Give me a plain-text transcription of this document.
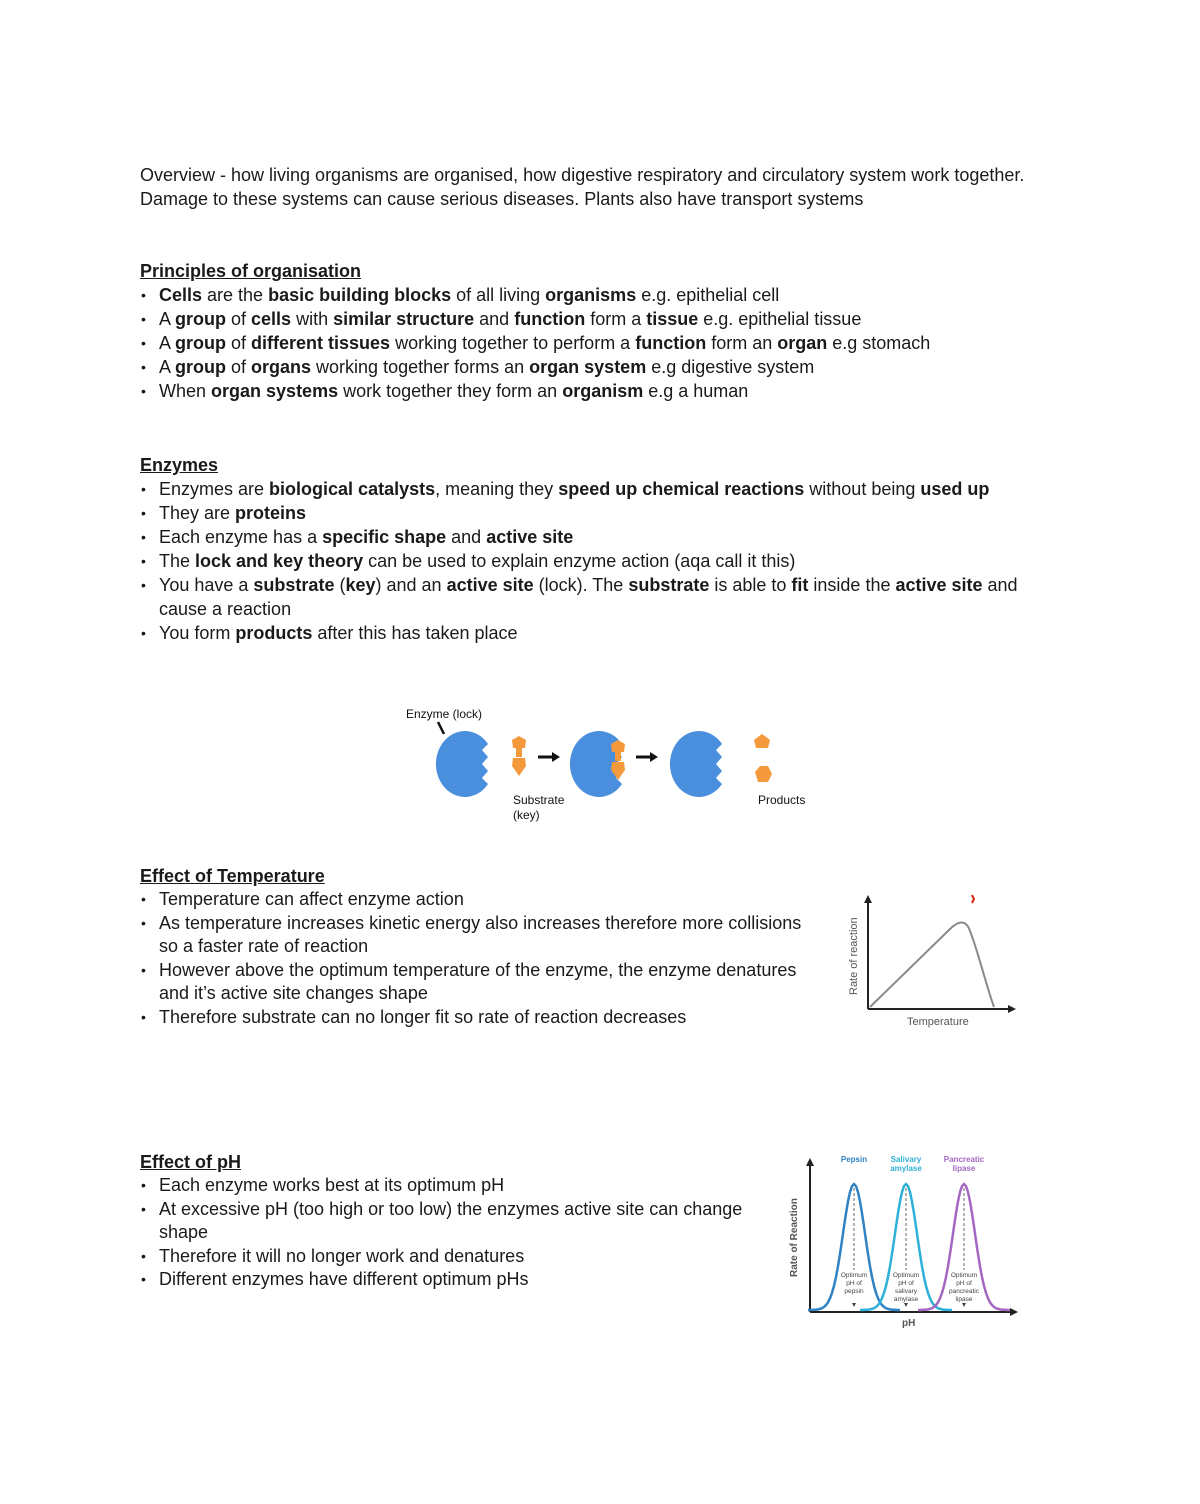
Overview - how living organisms are organised, how digestive respiratory and circulatory system work together. Damage to these systems can cause serious diseases. Plants also have transport systems
Principles of organisation
• Cells are the basic building blocks of all living organisms e.g. epithelial cell
• A group of cells with similar structure and function form a tissue e.g. epithelial tissue
• A group of different tissues working together to perform a function form an organ e.g stomach
• A group of organs working together forms an organ system e.g digestive system
• When organ systems work together they form an organism e.g a human
Enzymes
• Enzymes are biological catalysts, meaning they speed up chemical reactions without being used up
• They are proteins
• Each enzyme has a specific shape and active site
• The lock and key theory can be used to explain enzyme action (aqa call it this)
• You have a substrate (key) and an active site (lock). The substrate is able to fit inside the active site and cause a reaction
• You form products after this has taken place
Enzyme (lock)
Substrate
(key)
Products
Effect of Temperature
• Temperature can affect enzyme action
• As temperature increases kinetic energy also increases therefore more collisions so a faster rate of reaction
• However above the optimum temperature of the enzyme, the enzyme denatures and it’s active site changes shape
• Therefore substrate can no longer fit so rate of reaction decreases
Rate of reaction
Temperature
Effect of pH
• Each enzyme works best at its optimum pH
• At excessive pH (too high or too low) the enzymes active site can change shape
• Therefore it will no longer work and denatures
• Different enzymes have different optimum pHs
Rate of Reaction
pH
Pepsin
Optimum
pH of
pepsin
Salivary
amylase
Optimum
pH of
salivary
amylase
Pancreatic
lipase
Optimum
pH of
pancreatic
lipase
